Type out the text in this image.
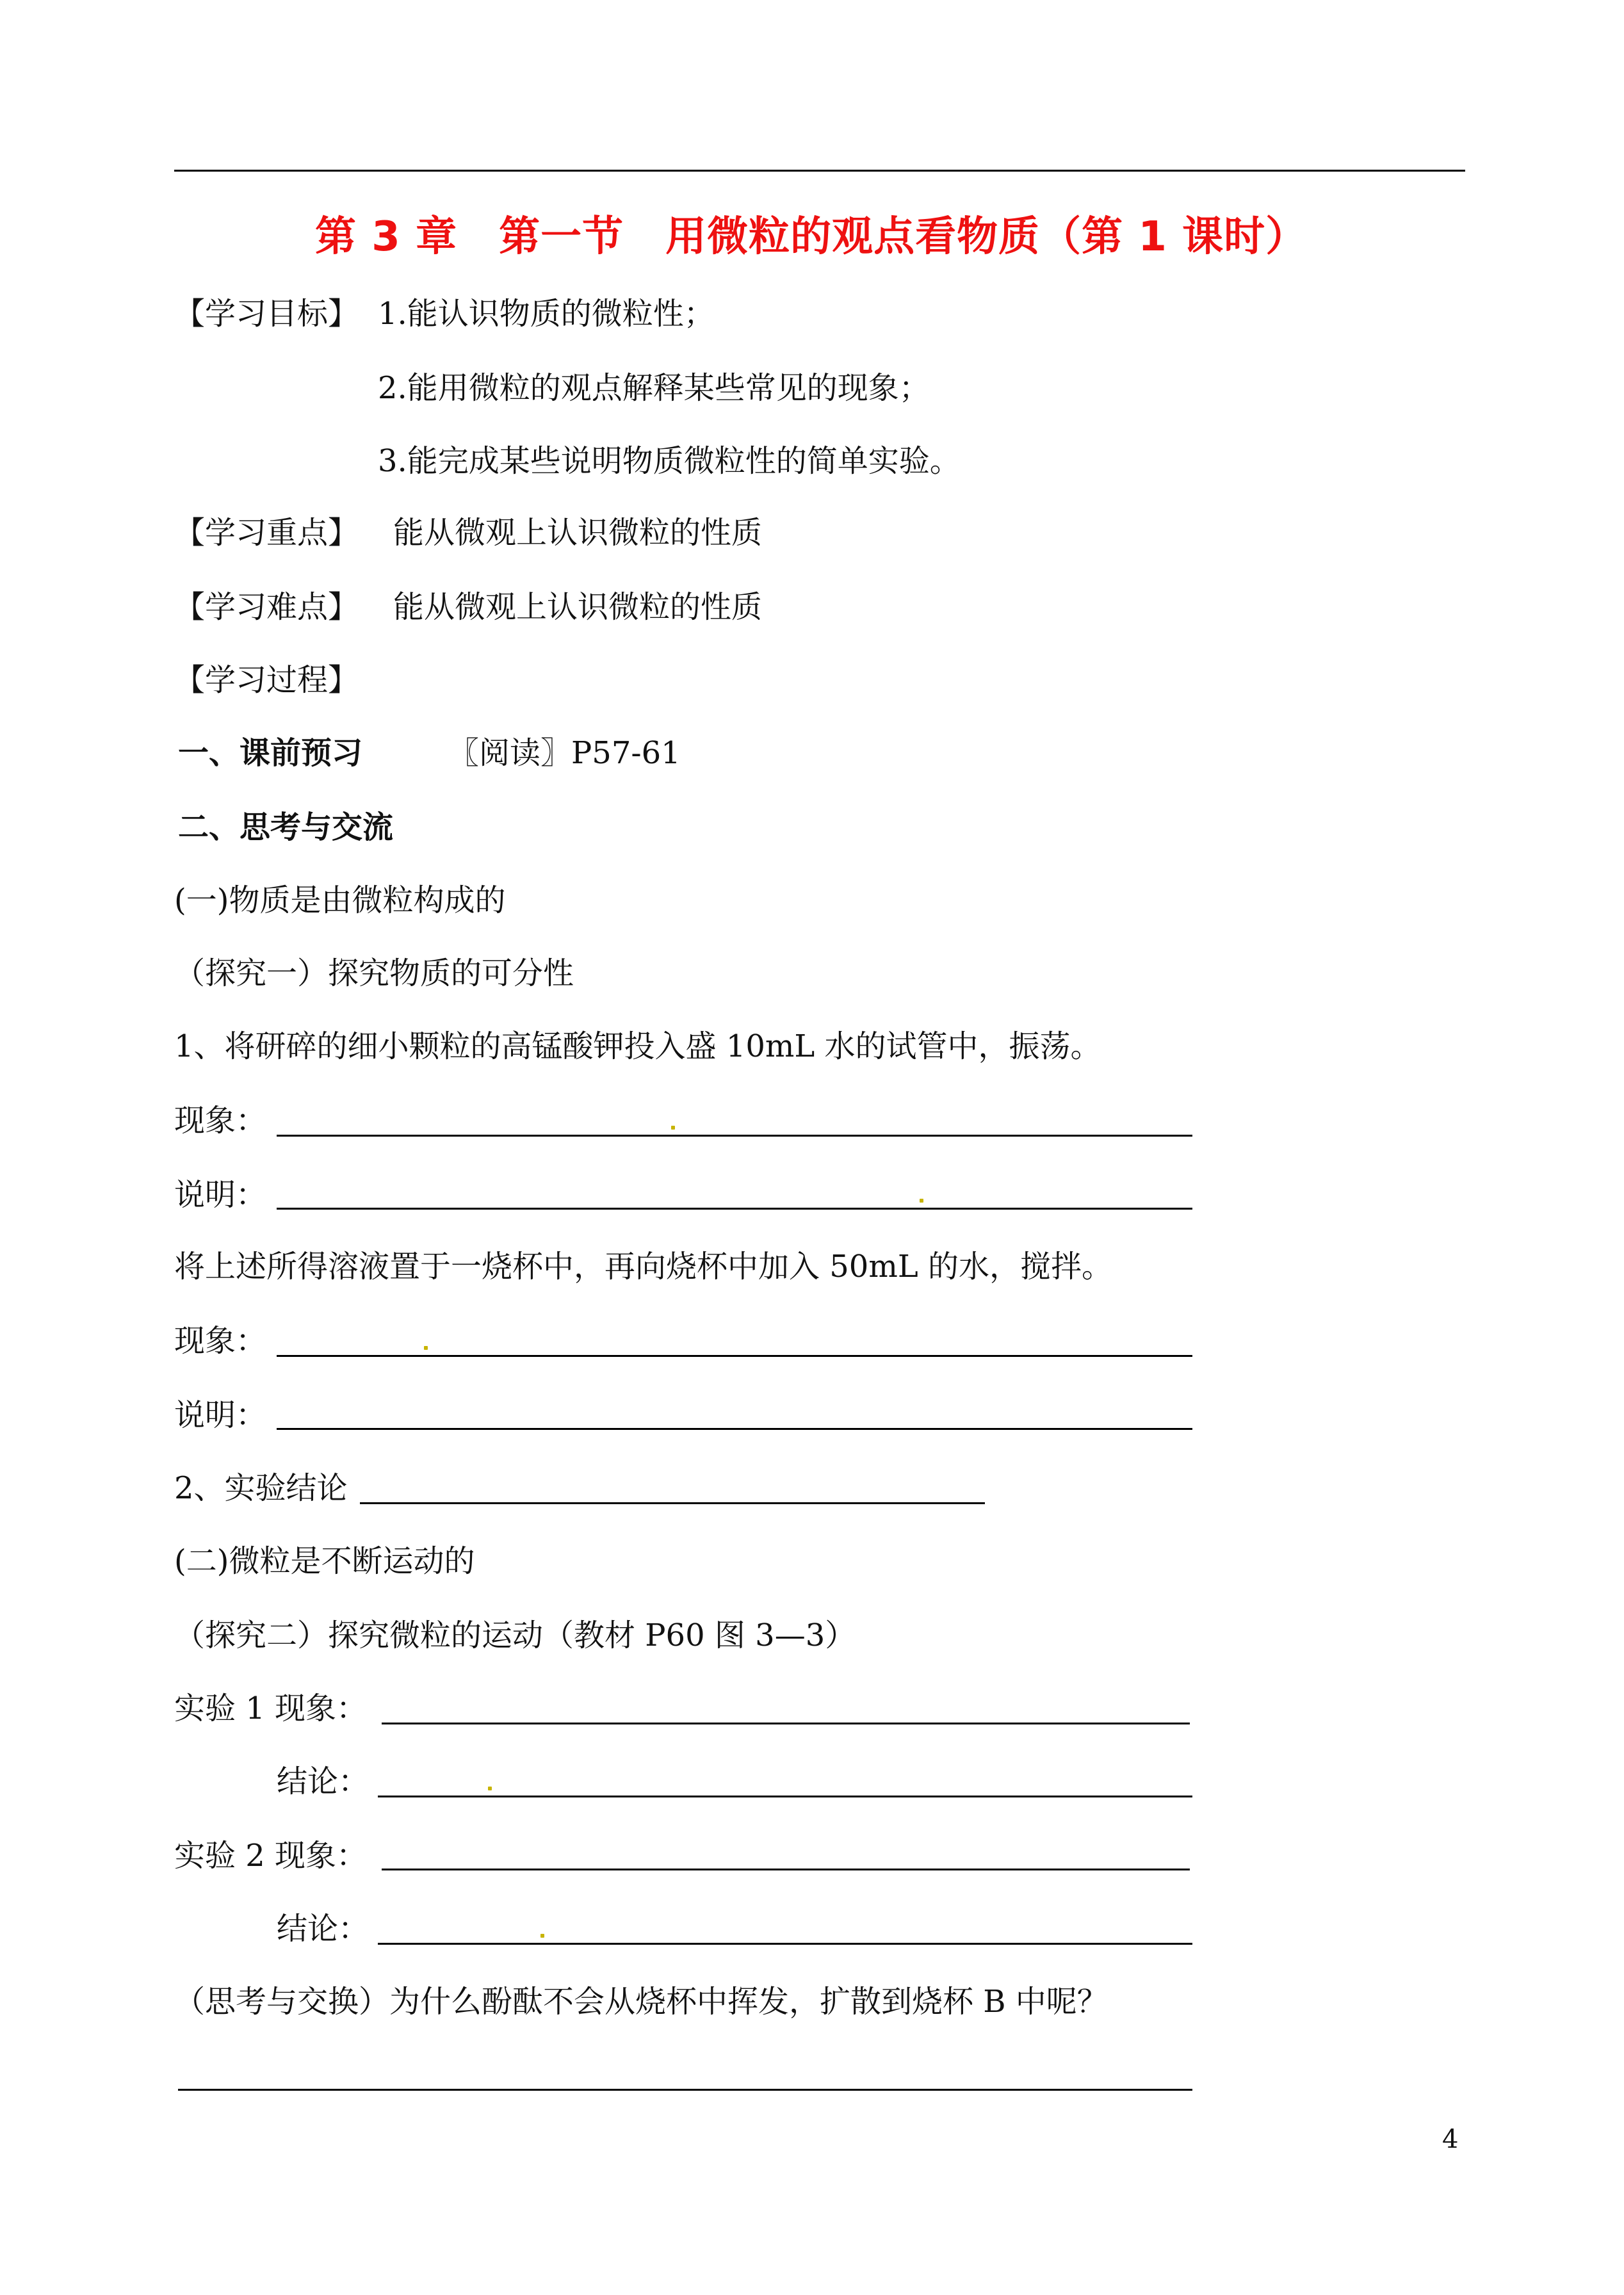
第 3 章　第一节　用微粒的观点看物质（第 1 课时）
【学习目标】 1.能认识物质的微粒性；
2.能用微粒的观点解释某些常见的现象；
3.能完成某些说明物质微粒性的简单实验。
【学习重点】 能从微观上认识微粒的性质
【学习难点】 能从微观上认识微粒的性质
【学习过程】
一、课前预习	〖阅读〗P57-61
二、思考与交流
(一)物质是由微粒构成的
（探究一）探究物质的可分性
1、将研碎的细小颗粒的高锰酸钾投入盛 10mL 水的试管中，振荡。
现象：
说明：
将上述所得溶液置于一烧杯中，再向烧杯中加入 50mL 的水，搅拌。
现象：
说明：
2、实验结论
(二)微粒是不断运动的
（探究二）探究微粒的运动（教材 P60 图 3—3）
实验 1 现象：
结论：
实验 2 现象：
结论：
（思考与交换）为什么酚酞不会从烧杯中挥发，扩散到烧杯 B 中呢？
4
